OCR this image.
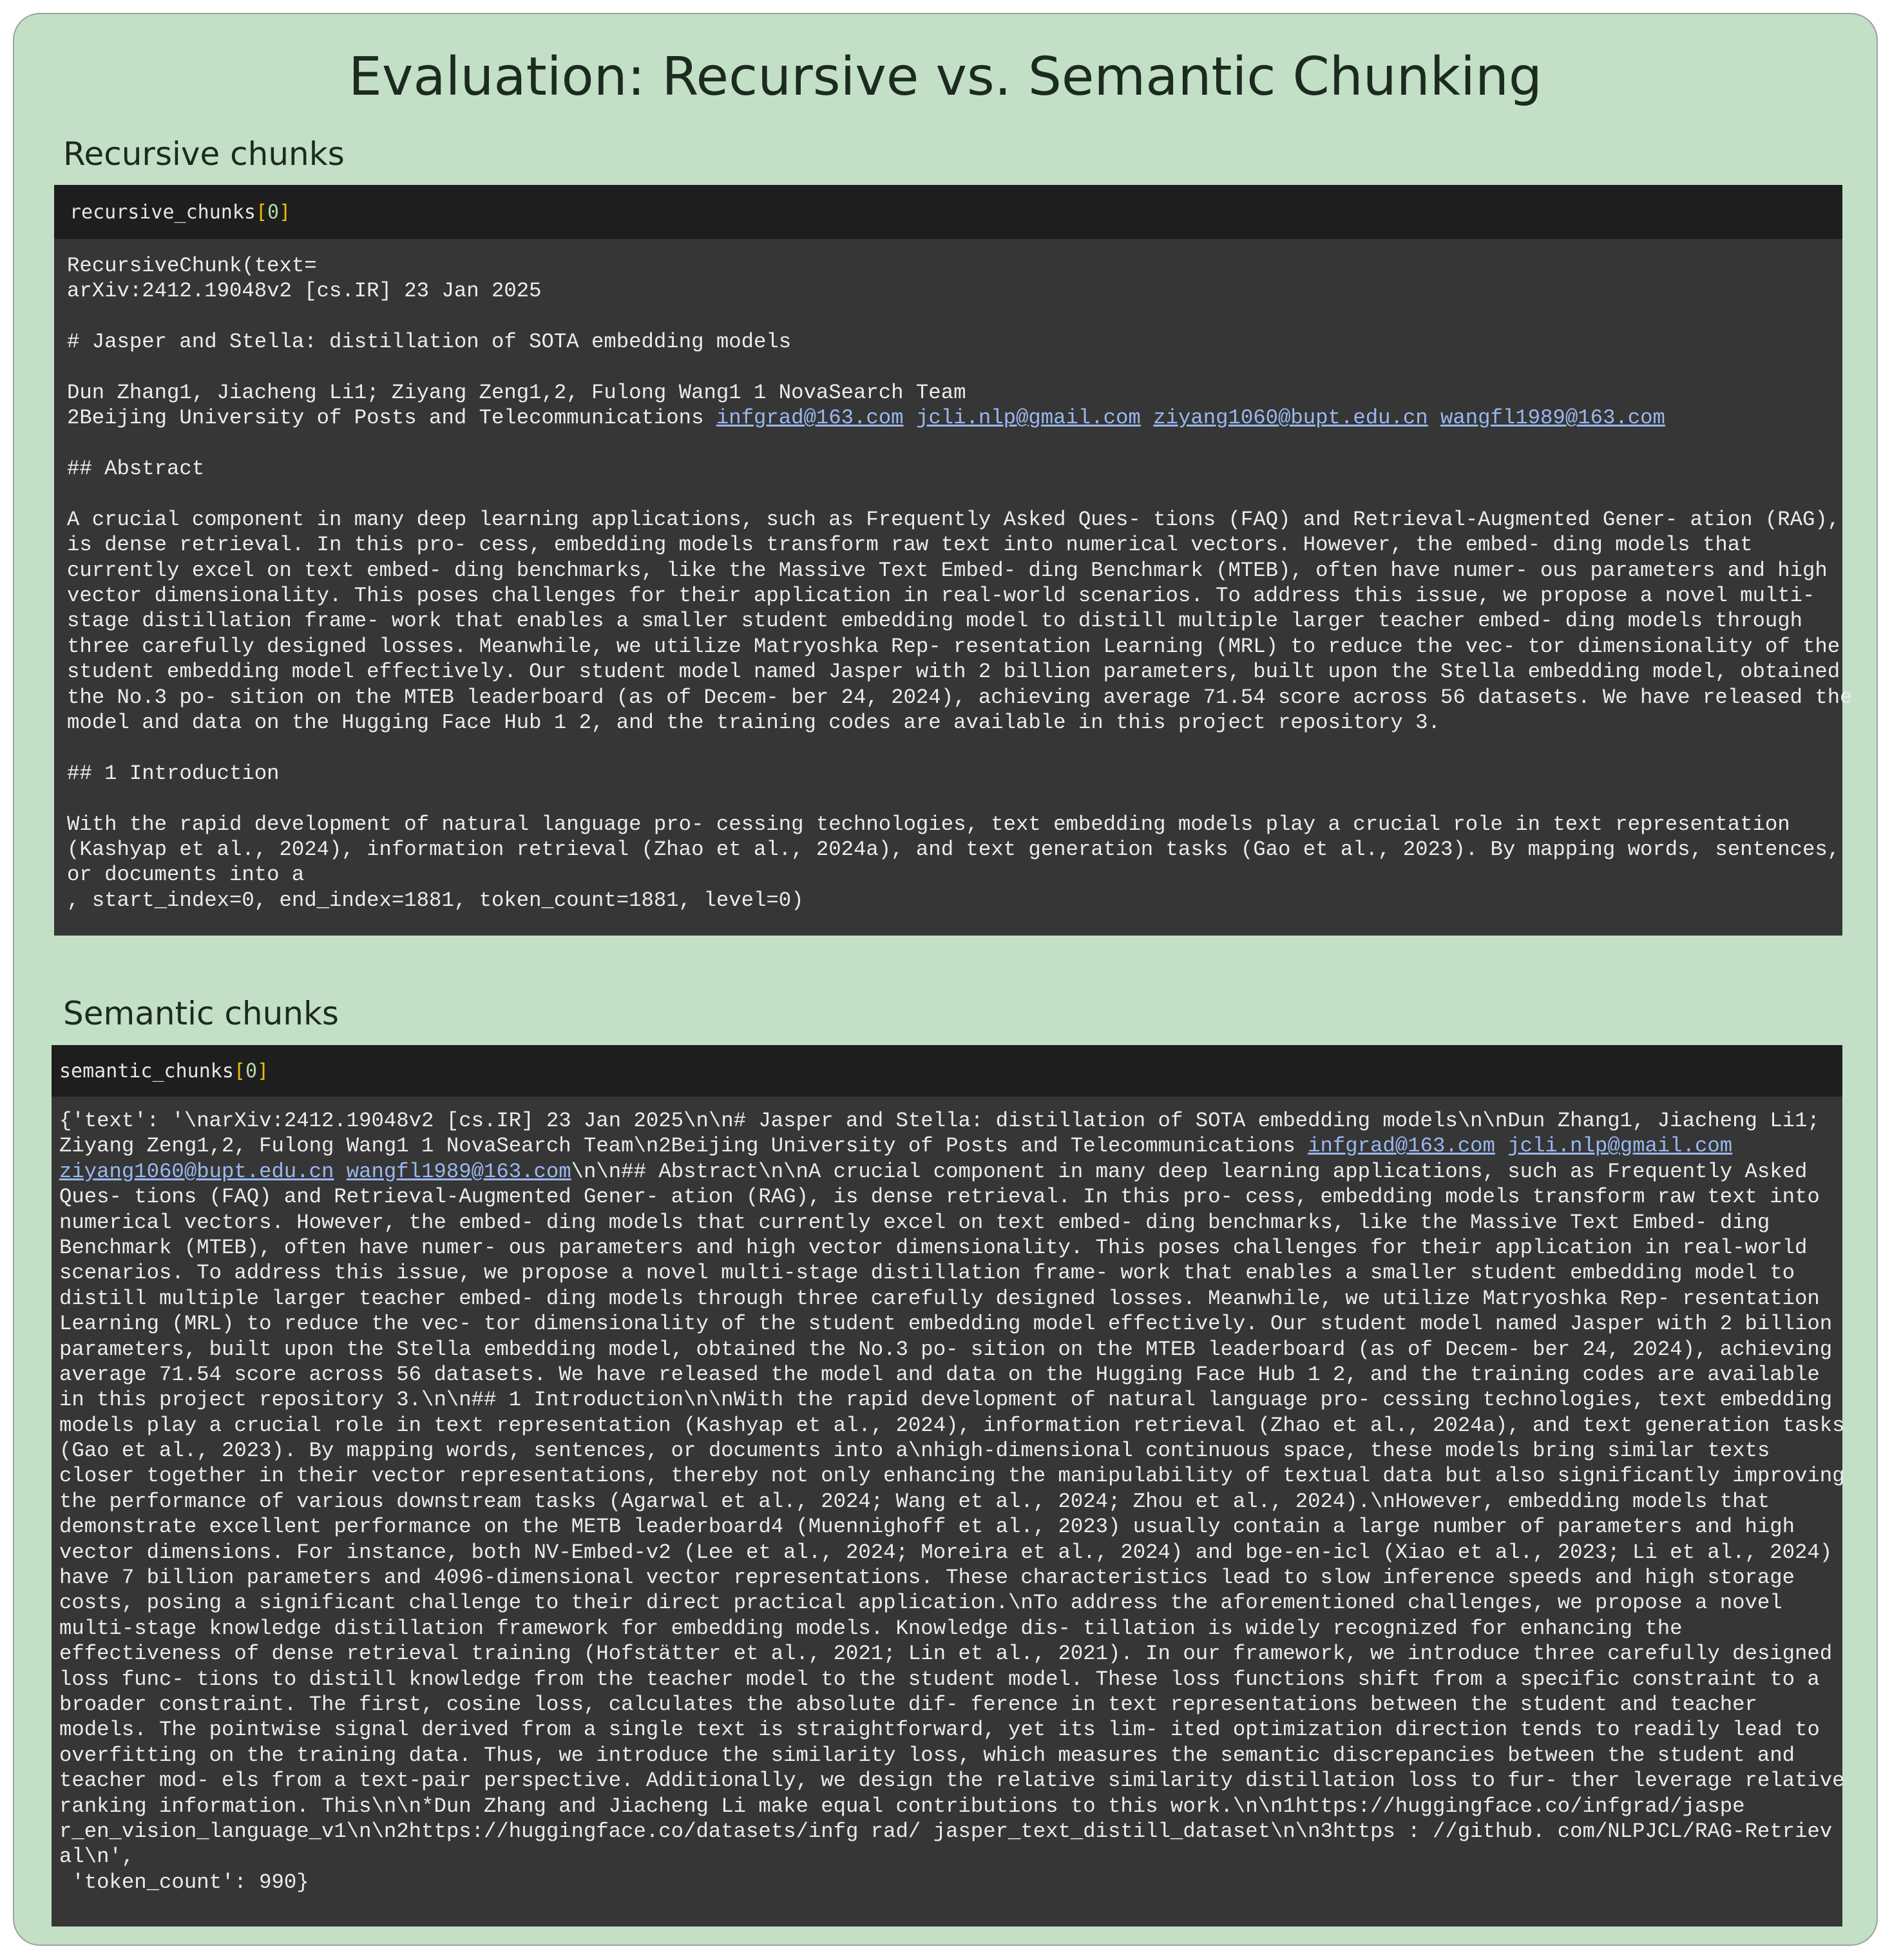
Evaluation: Recursive vs. Semantic Chunking
Recursive chunks
recursive_chunks [ 0 ]
RecursiveChunk(text=
arXiv:2412.19048v2 [cs.IR] 23 Jan 2025
# Jasper and Stella: distillation of SOTA embedding models
Dun Zhang1, Jiacheng Li1; Ziyang Zeng1,2, Fulong Wang1 1 NovaSearch Team
2Beijing University of Posts and Telecommunications infgrad@163.com jcli.nlp@gmail.com ziyang1060@bupt.edu.cn wangfl1989@163.com
## Abstract
A crucial component in many deep learning applications, such as Frequently Asked Ques- tions (FAQ) and Retrieval-Augmented Gener- ation (RAG),
is dense retrieval. In this pro- cess, embedding models transform raw text into numerical vectors. However, the embed- ding models that
currently excel on text embed- ding benchmarks, like the Massive Text Embed- ding Benchmark (MTEB), often have numer- ous parameters and high
vector dimensionality. This poses challenges for their application in real-world scenarios. To address this issue, we propose a novel multi-
stage distillation frame- work that enables a smaller student embedding model to distill multiple larger teacher embed- ding models through
three carefully designed losses. Meanwhile, we utilize Matryoshka Rep- resentation Learning (MRL) to reduce the vec- tor dimensionality of the
student embedding model effectively. Our student model named Jasper with 2 billion parameters, built upon the Stella embedding model, obtained
the No.3 po- sition on the MTEB leaderboard (as of Decem- ber 24, 2024), achieving average 71.54 score across 56 datasets. We have released the
model and data on the Hugging Face Hub 1 2, and the training codes are available in this project repository 3.
## 1 Introduction
With the rapid development of natural language pro- cessing technologies, text embedding models play a crucial role in text representation
(Kashyap et al., 2024), information retrieval (Zhao et al., 2024a), and text generation tasks (Gao et al., 2023). By mapping words, sentences,
or documents into a
, start_index=0, end_index=1881, token_count=1881, level=0)
Semantic chunks
semantic_chunks [ 0 ]
{'text': '\narXiv:2412.19048v2 [cs.IR] 23 Jan 2025\n\n# Jasper and Stella: distillation of SOTA embedding models\n\nDun Zhang1, Jiacheng Li1;
Ziyang Zeng1,2, Fulong Wang1 1 NovaSearch Team\n2Beijing University of Posts and Telecommunications infgrad@163.com jcli.nlp@gmail.com
ziyang1060@bupt.edu.cn wangfl1989@163.com\n\n## Abstract\n\nA crucial component in many deep learning applications, such as Frequently Asked
Ques- tions (FAQ) and Retrieval-Augmented Gener- ation (RAG), is dense retrieval. In this pro- cess, embedding models transform raw text into
numerical vectors. However, the embed- ding models that currently excel on text embed- ding benchmarks, like the Massive Text Embed- ding
Benchmark (MTEB), often have numer- ous parameters and high vector dimensionality. This poses challenges for their application in real-world
scenarios. To address this issue, we propose a novel multi-stage distillation frame- work that enables a smaller student embedding model to
distill multiple larger teacher embed- ding models through three carefully designed losses. Meanwhile, we utilize Matryoshka Rep- resentation
Learning (MRL) to reduce the vec- tor dimensionality of the student embedding model effectively. Our student model named Jasper with 2 billion
parameters, built upon the Stella embedding model, obtained the No.3 po- sition on the MTEB leaderboard (as of Decem- ber 24, 2024), achieving
average 71.54 score across 56 datasets. We have released the model and data on the Hugging Face Hub 1 2, and the training codes are available
in this project repository 3.\n\n## 1 Introduction\n\nWith the rapid development of natural language pro- cessing technologies, text embedding
models play a crucial role in text representation (Kashyap et al., 2024), information retrieval (Zhao et al., 2024a), and text generation tasks
(Gao et al., 2023). By mapping words, sentences, or documents into a\nhigh-dimensional continuous space, these models bring similar texts
closer together in their vector representations, thereby not only enhancing the manipulability of textual data but also significantly improving
the performance of various downstream tasks (Agarwal et al., 2024; Wang et al., 2024; Zhou et al., 2024).\nHowever, embedding models that
demonstrate excellent performance on the METB leaderboard4 (Muennighoff et al., 2023) usually contain a large number of parameters and high
vector dimensions. For instance, both NV-Embed-v2 (Lee et al., 2024; Moreira et al., 2024) and bge-en-icl (Xiao et al., 2023; Li et al., 2024)
have 7 billion parameters and 4096-dimensional vector representations. These characteristics lead to slow inference speeds and high storage
costs, posing a significant challenge to their direct practical application.\nTo address the aforementioned challenges, we propose a novel
multi-stage knowledge distillation framework for embedding models. Knowledge dis- tillation is widely recognized for enhancing the
effectiveness of dense retrieval training (Hofstätter et al., 2021; Lin et al., 2021). In our framework, we introduce three carefully designed
loss func- tions to distill knowledge from the teacher model to the student model. These loss functions shift from a specific constraint to a
broader constraint. The first, cosine loss, calculates the absolute dif- ference in text representations between the student and teacher
models. The pointwise signal derived from a single text is straightforward, yet its lim- ited optimization direction tends to readily lead to
overfitting on the training data. Thus, we introduce the similarity loss, which measures the semantic discrepancies between the student and
teacher mod- els from a text-pair perspective. Additionally, we design the relative similarity distillation loss to fur- ther leverage relative
ranking information. This\n\n*Dun Zhang and Jiacheng Li make equal contributions to this work.\n\n1https://huggingface.co/infgrad/jaspe
r_en_vision_language_v1\n\n2https://huggingface.co/datasets/infg rad/ jasper_text_distill_dataset\n\n3https : //github. com/NLPJCL/RAG-Retriev
al\n',
'token_count': 990}
